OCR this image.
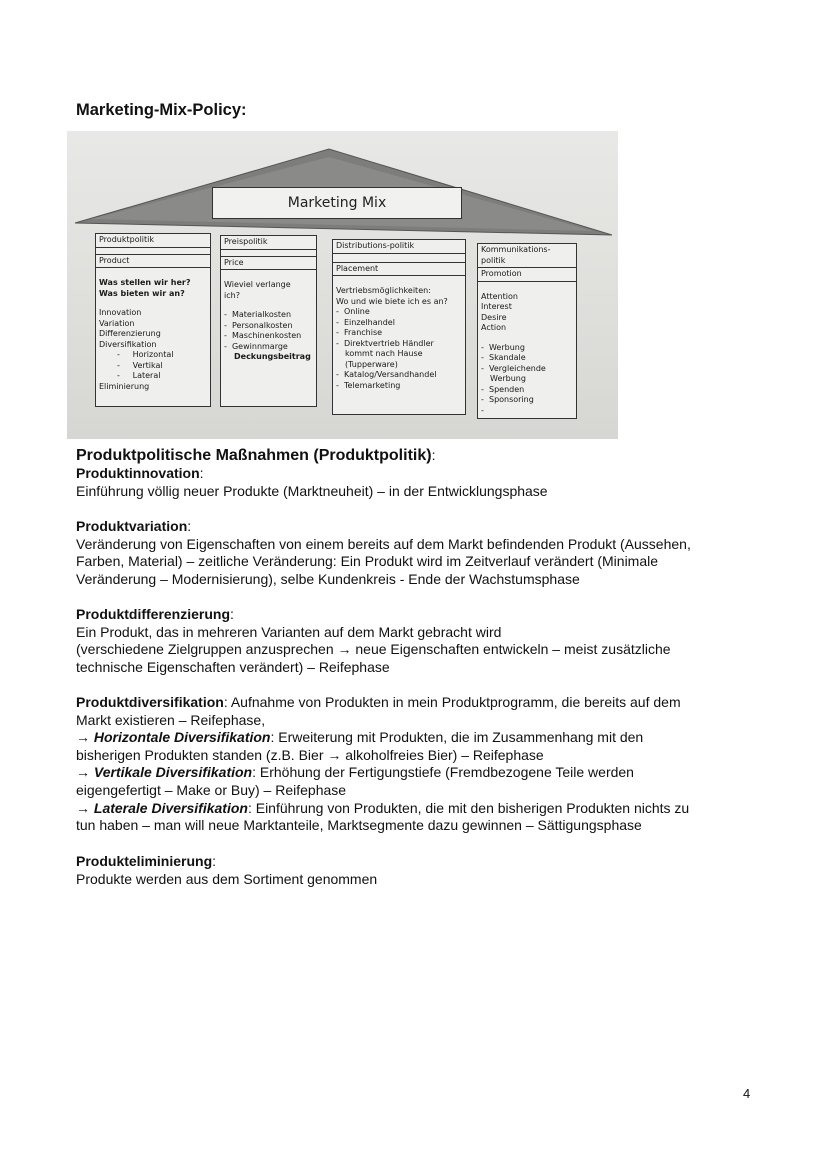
Marketing-Mix-Policy:
Marketing Mix
Produktpolitik
Product
Was stellen wir her?
Was bieten wir an?
Innovation
Variation
Differenzierung
Diversifikation
-     Horizontal
-     Vertikal
-     Lateral
Eliminierung
Preispolitik
Price
Wieviel verlange
ich?
-  Materialkosten
-  Personalkosten
-  Maschinenkosten
-  Gewinnmarge
Deckungsbeitrag
Distributions-politik
Placement
Vertriebsmöglichkeiten:
Wo und wie biete ich es an?
-  Online
-  Einzelhandel
-  Franchise
-  Direktvertrieb Händler
kommt nach Hause
(Tupperware)
-  Katalog/Versandhandel
-  Telemarketing
Kommunikations-
politik
Promotion
Attention
Interest
Desire
Action
-  Werbung
-  Skandale
-  Vergleichende
Werbung
-  Spenden
-  Sponsoring
-
Produktpolitische Maßnahmen (Produktpolitik):
Produktinnovation:
Einführung völlig neuer Produkte (Marktneuheit) – in der Entwicklungsphase
Produktvariation:
Veränderung von Eigenschaften von einem bereits auf dem Markt befindenden Produkt (Aussehen,
Farben, Material) – zeitliche Veränderung: Ein Produkt wird im Zeitverlauf verändert (Minimale
Veränderung – Modernisierung), selbe Kundenkreis - Ende der Wachstumsphase
Produktdifferenzierung:
Ein Produkt, das in mehreren Varianten auf dem Markt gebracht wird
(verschiedene Zielgruppen anzusprechen → neue Eigenschaften entwickeln – meist zusätzliche
technische Eigenschaften verändert) – Reifephase
Produktdiversifikation: Aufnahme von Produkten in mein Produktprogramm, die bereits auf dem
Markt existieren – Reifephase,
→ Horizontale Diversifikation: Erweiterung mit Produkten, die im Zusammenhang mit den
bisherigen Produkten standen (z.B. Bier → alkoholfreies Bier) – Reifephase
→ Vertikale Diversifikation: Erhöhung der Fertigungstiefe (Fremdbezogene Teile werden
eigengefertigt – Make or Buy) – Reifephase
→ Laterale Diversifikation: Einführung von Produkten, die mit den bisherigen Produkten nichts zu
tun haben – man will neue Marktanteile, Marktsegmente dazu gewinnen – Sättigungsphase
Produkteliminierung:
Produkte werden aus dem Sortiment genommen
4
